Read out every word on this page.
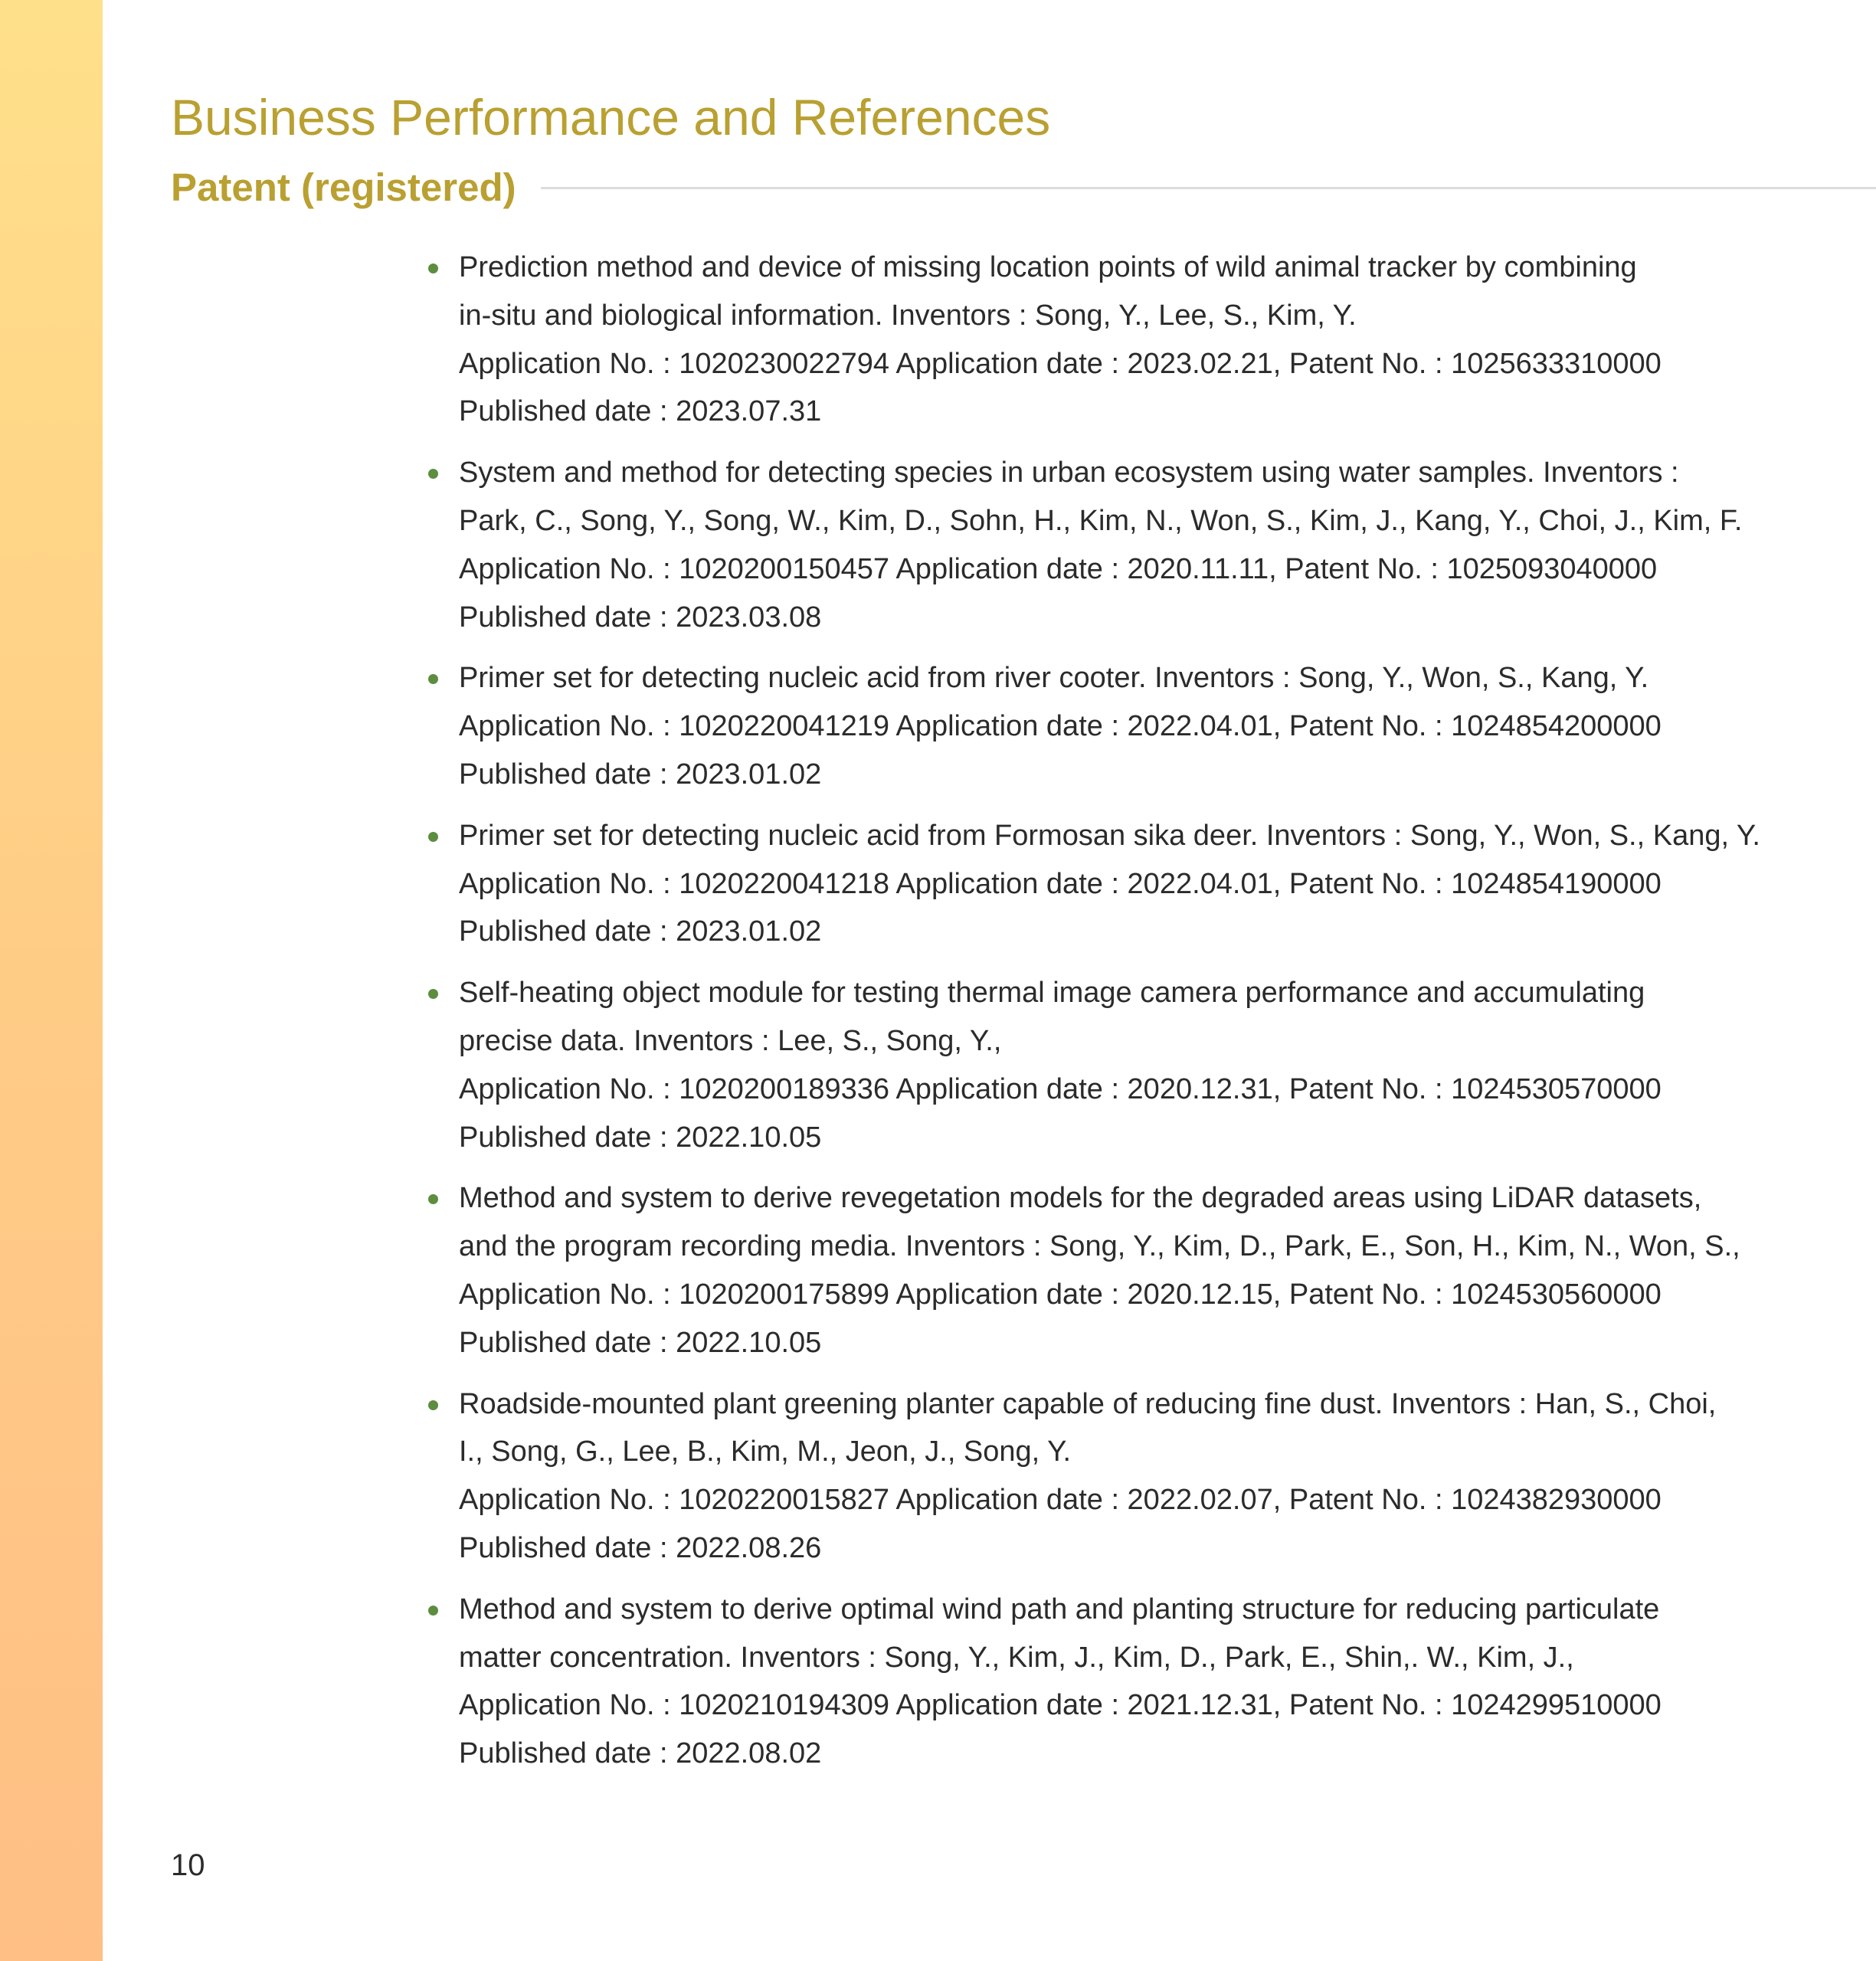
Business Performance and References
Patent (registered)
Prediction method and device of missing location points of wild animal tracker by combining
in-situ and biological information. Inventors : Song, Y., Lee, S., Kim, Y.
Application No. : 1020230022794 Application date : 2023.02.21, Patent No. : 1025633310000
Published date : 2023.07.31
System and method for detecting species in urban ecosystem using water samples. Inventors :
Park, C., Song, Y., Song, W., Kim, D., Sohn, H., Kim, N., Won, S., Kim, J., Kang, Y., Choi, J., Kim, F.
Application No. : 1020200150457 Application date : 2020.11.11, Patent No. : 1025093040000
Published date : 2023.03.08
Primer set for detecting nucleic acid from river cooter. Inventors : Song, Y., Won, S., Kang, Y.
Application No. : 1020220041219 Application date : 2022.04.01, Patent No. : 1024854200000
Published date : 2023.01.02
Primer set for detecting nucleic acid from Formosan sika deer. Inventors : Song, Y., Won, S., Kang, Y.
Application No. : 1020220041218 Application date : 2022.04.01, Patent No. : 1024854190000
Published date : 2023.01.02
Self-heating object module for testing thermal image camera performance and accumulating
precise data. Inventors : Lee, S., Song, Y.,
Application No. : 1020200189336 Application date : 2020.12.31, Patent No. : 1024530570000
Published date : 2022.10.05
Method and system to derive revegetation models for the degraded areas using LiDAR datasets,
and the program recording media. Inventors : Song, Y., Kim, D., Park, E., Son, H., Kim, N., Won, S.,
Application No. : 1020200175899 Application date : 2020.12.15, Patent No. : 1024530560000
Published date : 2022.10.05
Roadside-mounted plant greening planter capable of reducing fine dust. Inventors : Han, S., Choi,
I., Song, G., Lee, B., Kim, M., Jeon, J., Song, Y.
Application No. : 1020220015827 Application date : 2022.02.07, Patent No. : 1024382930000
Published date : 2022.08.26
Method and system to derive optimal wind path and planting structure for reducing particulate
matter concentration. Inventors : Song, Y., Kim, J., Kim, D., Park, E., Shin,. W., Kim, J.,
Application No. : 1020210194309 Application date : 2021.12.31, Patent No. : 1024299510000
Published date : 2022.08.02
10
